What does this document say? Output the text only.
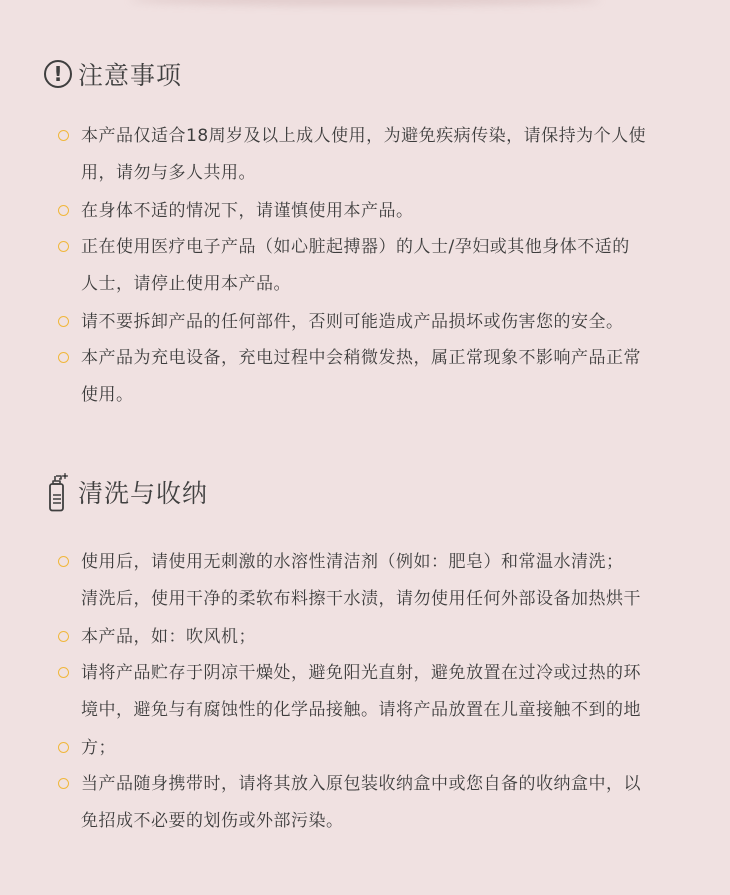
! 注意事项
本产品仅适合18周岁及以上成人使用，为避免疾病传染，请保持为个人使
用，请勿与多人共用。
在身体不适的情况下，请谨慎使用本产品。
正在使用医疗电子产品（如心脏起搏器）的人士/孕妇或其他身体不适的
人士，请停止使用本产品。
请不要拆卸产品的任何部件，否则可能造成产品损坏或伤害您的安全。
本产品为充电设备，充电过程中会稍微发热，属正常现象不影响产品正常
使用。
清洗与收纳
使用后，请使用无刺激的水溶性清洁剂（例如：肥皂）和常温水清洗；
清洗后，使用干净的柔软布料擦干水渍，请勿使用任何外部设备加热烘干
本产品，如：吹风机；
请将产品贮存于阴凉干燥处，避免阳光直射，避免放置在过冷或过热的环
境中，避免与有腐蚀性的化学品接触。请将产品放置在儿童接触不到的地
方；
当产品随身携带时，请将其放入原包装收纳盒中或您自备的收纳盒中，以
免招成不必要的划伤或外部污染。
